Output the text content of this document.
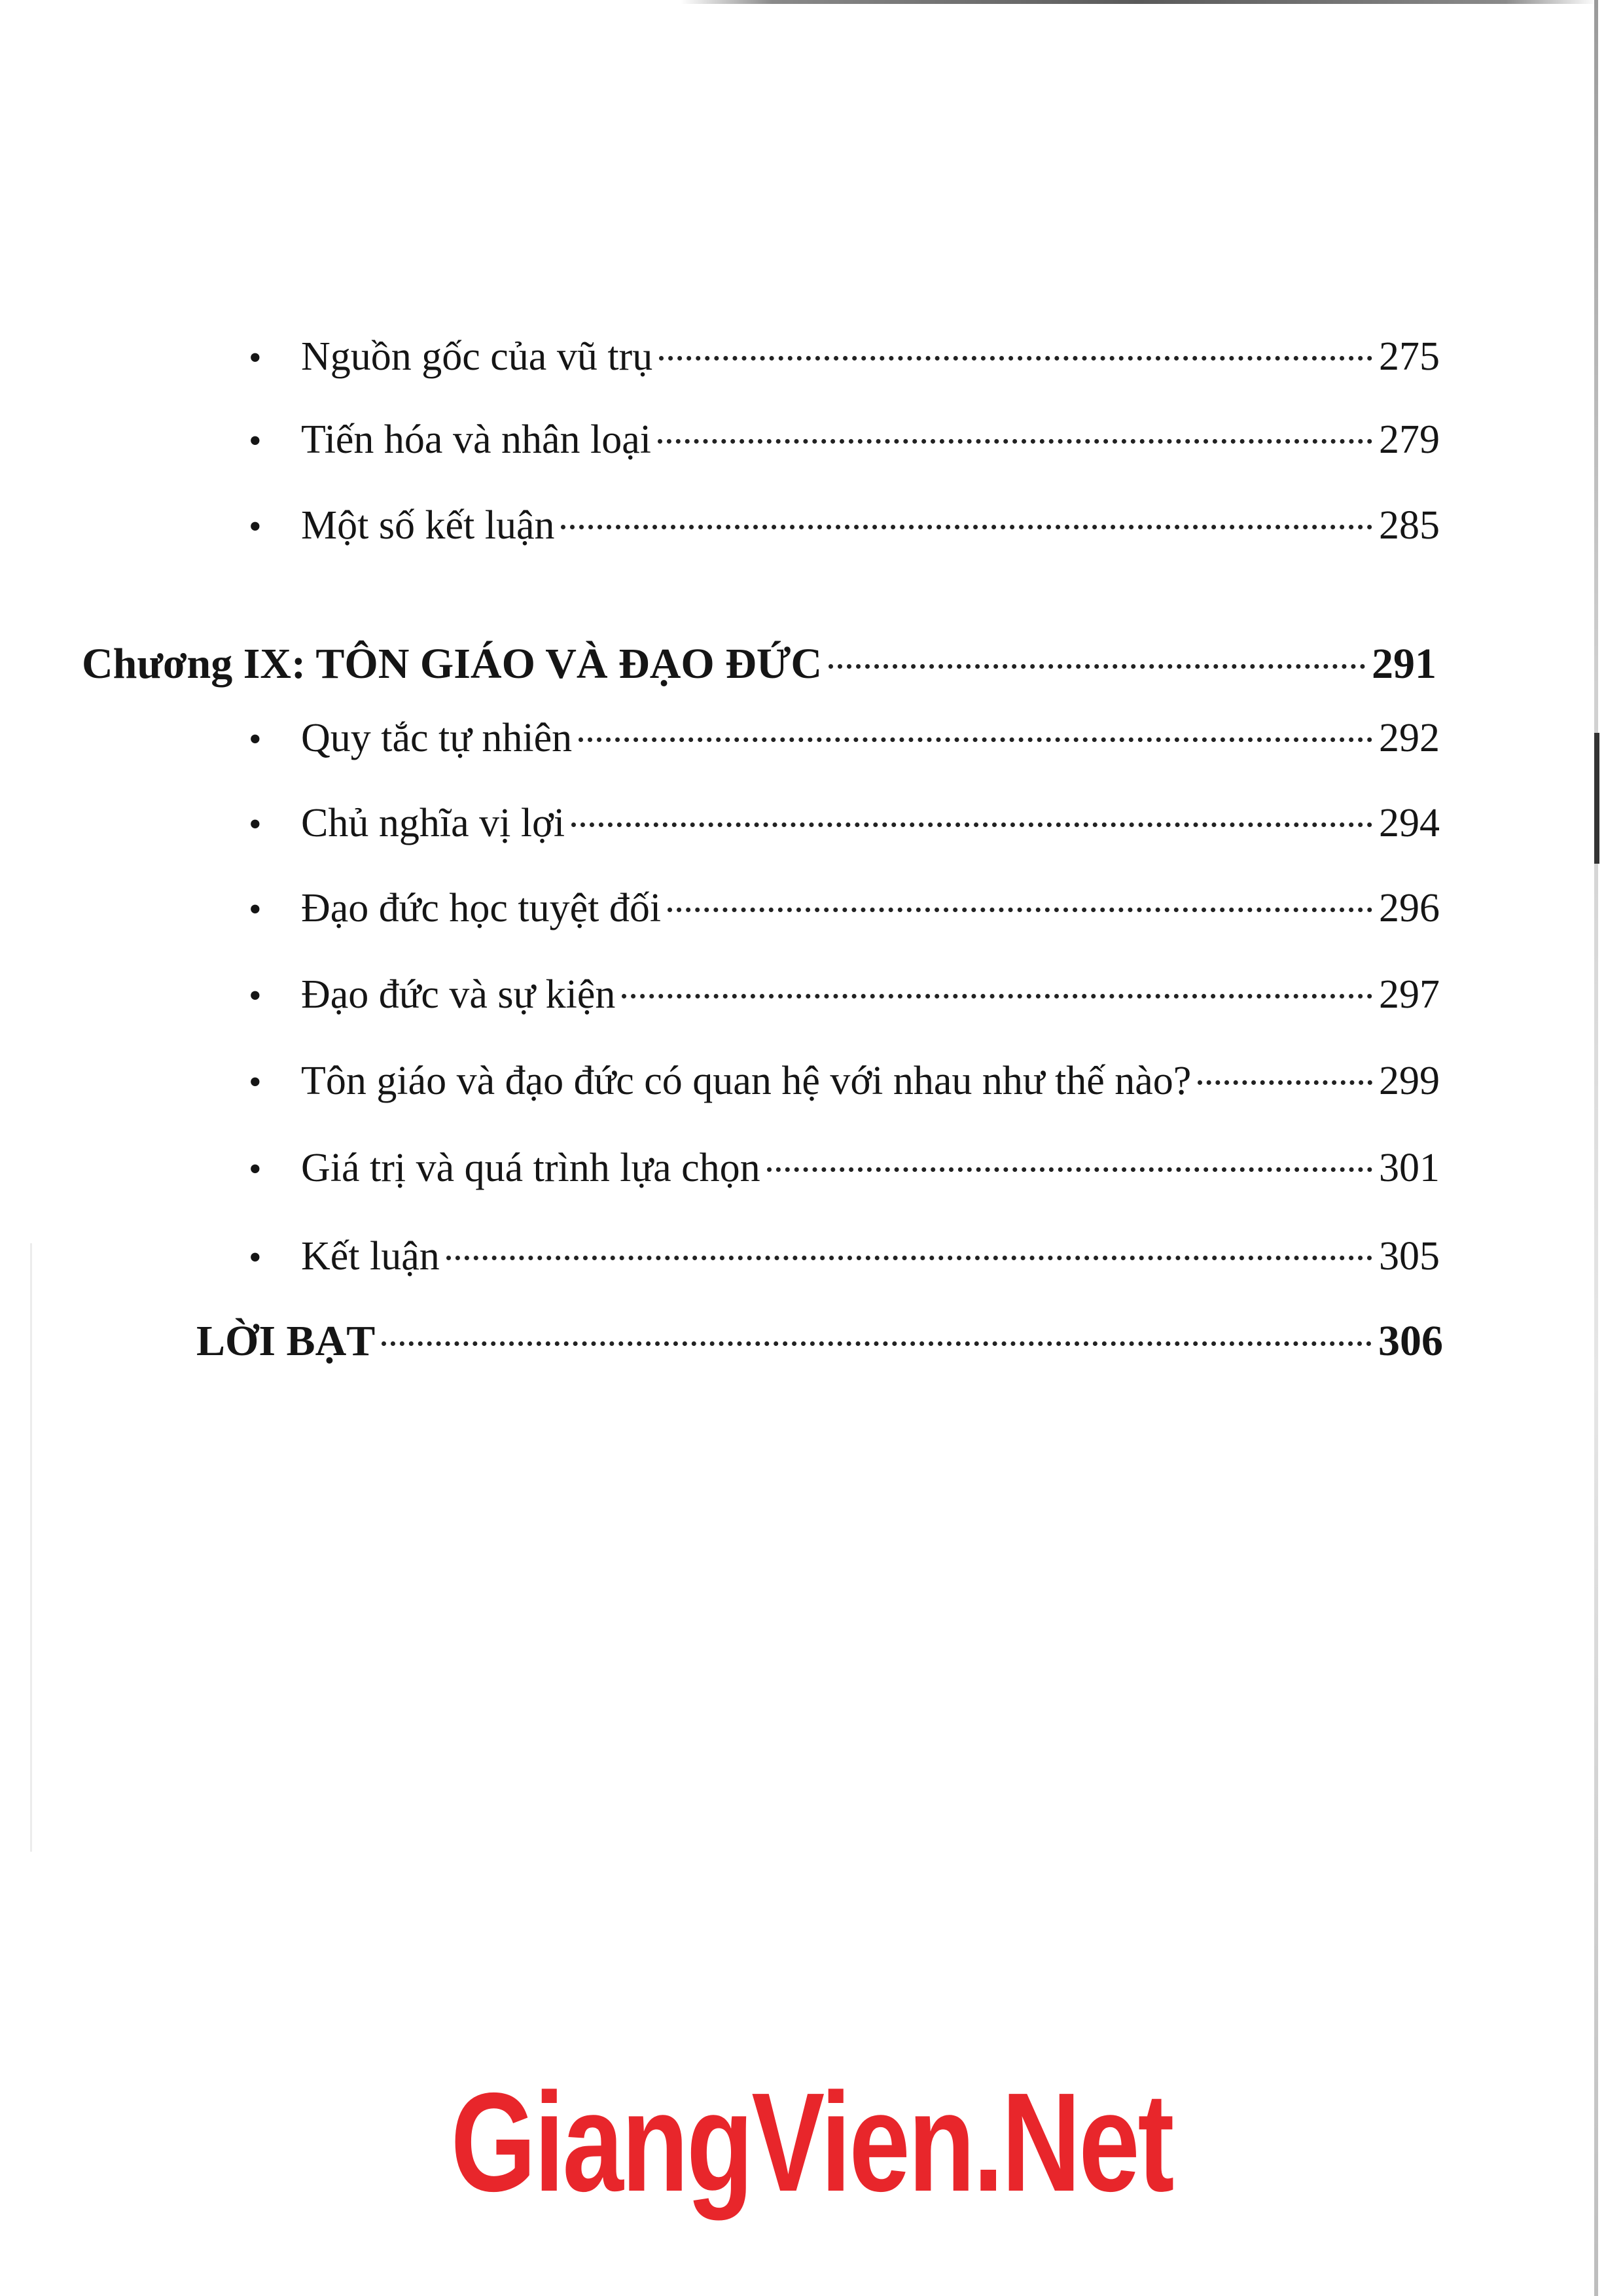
• Nguồn gốc của vũ trụ	275
• Tiến hóa và nhân loại	279
• Một số kết luận	285
Chương IX: TÔN GIÁO VÀ ĐẠO ĐỨC	291
• Quy tắc tự nhiên	292
• Chủ nghĩa vị lợi	294
• Đạo đức học tuyệt đối	296
• Đạo đức và sự kiện	297
• Tôn giáo và đạo đức có quan hệ với nhau như thế nào?	299
• Giá trị và quá trình lựa chọn	301
• Kết luận	305
LỜI BẠT	306
GiangVien.Net
